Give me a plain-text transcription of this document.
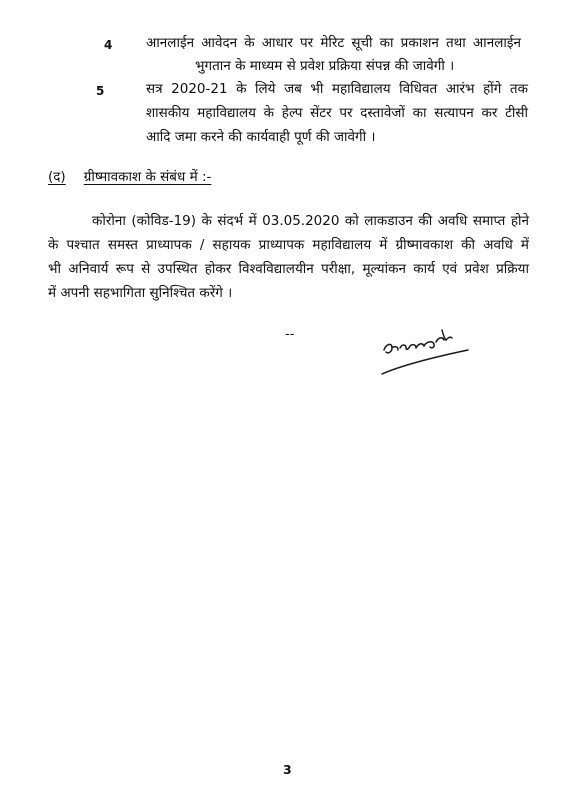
4 आनलाईन आवेदन के आधार पर मेरिट सूची का प्रकाशन तथा आनलाईन
भुगतान के माध्यम से प्रवेश प्रक्रिया संपन्न की जावेगी ।
5	सत्र 2020-21 के लिये जब भी महाविद्यालय विधिवत आरंभ होंगे तक
शासकीय महाविद्यालय के हेल्प सेंटर पर दस्तावेजों का सत्यापन कर टीसी
आदि जमा करने की कार्यवाही पूर्ण की जावेगी ।
(द) ग्रीष्मावकाश के संबंध में :-
कोरोना (कोविड-19) के संदर्भ में 03.05.2020 को लाकडाउन की अवधि समाप्त होने
के पश्चात समस्त प्राध्यापक / सहायक प्राध्यापक महाविद्यालय में ग्रीष्मावकाश की अवधि में
भी अनिवार्य रूप से उपस्थित होकर विश्वविद्यालयीन परीक्षा, मूल्यांकन कार्य एवं प्रवेश प्रक्रिया
में अपनी सहभागिता सुनिश्चित करेंगे ।
--
3
